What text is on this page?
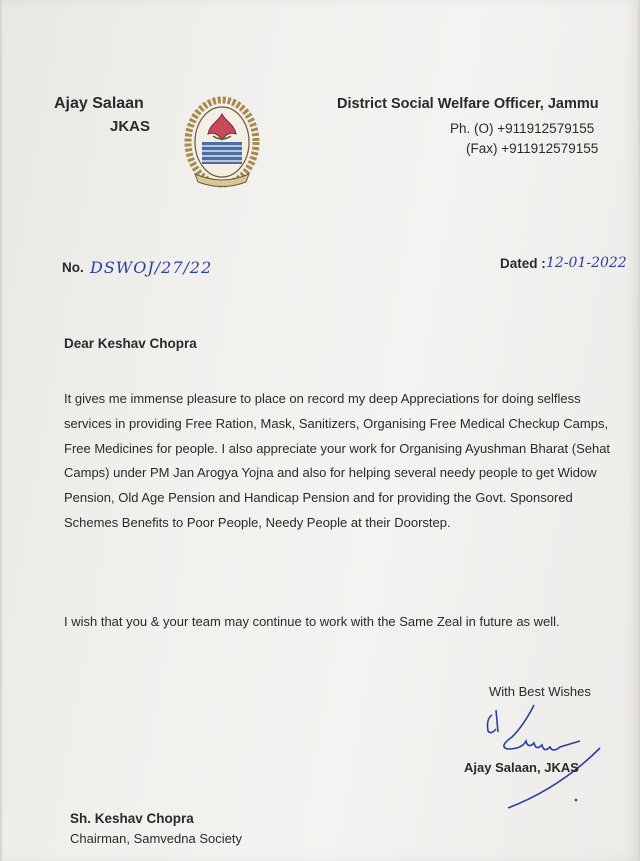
Ajay Salaan
JKAS
District Social Welfare Officer, Jammu
Ph. (O) +911912579155
(Fax) +911912579155
No. DSWOJ/27/22	Dated : 12-01-2022
Dear Keshav Chopra

It gives me immense pleasure to place on record my deep Appreciations for doing selfless services in providing Free Ration, Mask, Sanitizers, Organising Free Medical Checkup Camps, Free Medicines for people. I also appreciate your work for Organising Ayushman Bharat (Sehat Camps) under PM Jan Arogya Yojna and also for helping several needy people to get Widow Pension, Old Age Pension and Handicap Pension and for providing the Govt. Sponsored Schemes Benefits to Poor People, Needy People at their Doorstep.

I wish that you & your team may continue to work with the Same Zeal in future as well.

With Best Wishes
Ajay Salaan, JKAS
Sh. Keshav Chopra
Chairman, Samvedna Society
